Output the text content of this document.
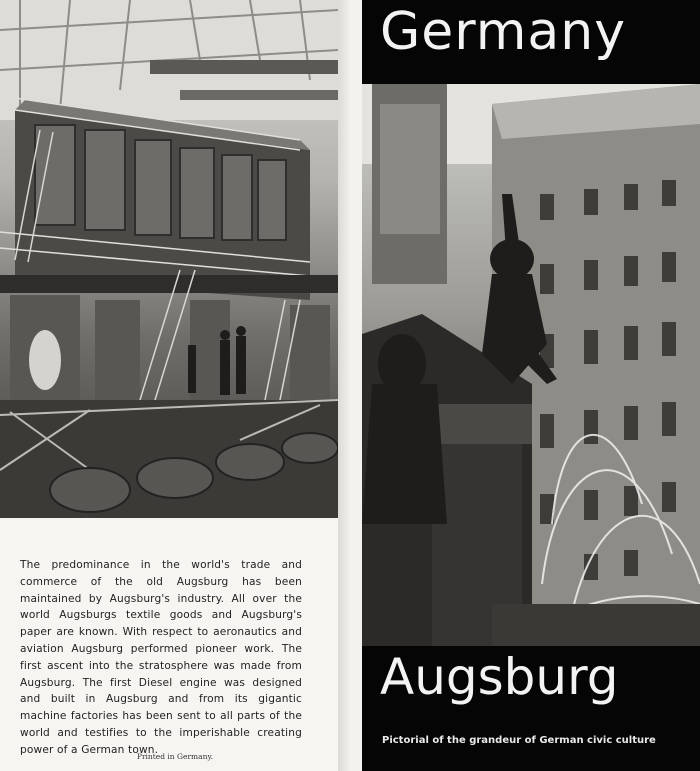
The predominance in the world's trade and commerce of the old Augsburg has been maintained by Augsburg's industry. All over the world Augsburgs textile goods and Augsburg's paper are known. With respect to aeronautics and aviation Augsburg performed pioneer work. The first ascent into the stratosphere was made from Augsburg. The first Diesel engine was designed and built in Augsburg and from its gigantic machine factories has been sent to all parts of the world and testifies to the imperishable creating power of a German town.

Printed in Germany.
Germany
Augsburg
Pictorial of the grandeur of German civic culture
